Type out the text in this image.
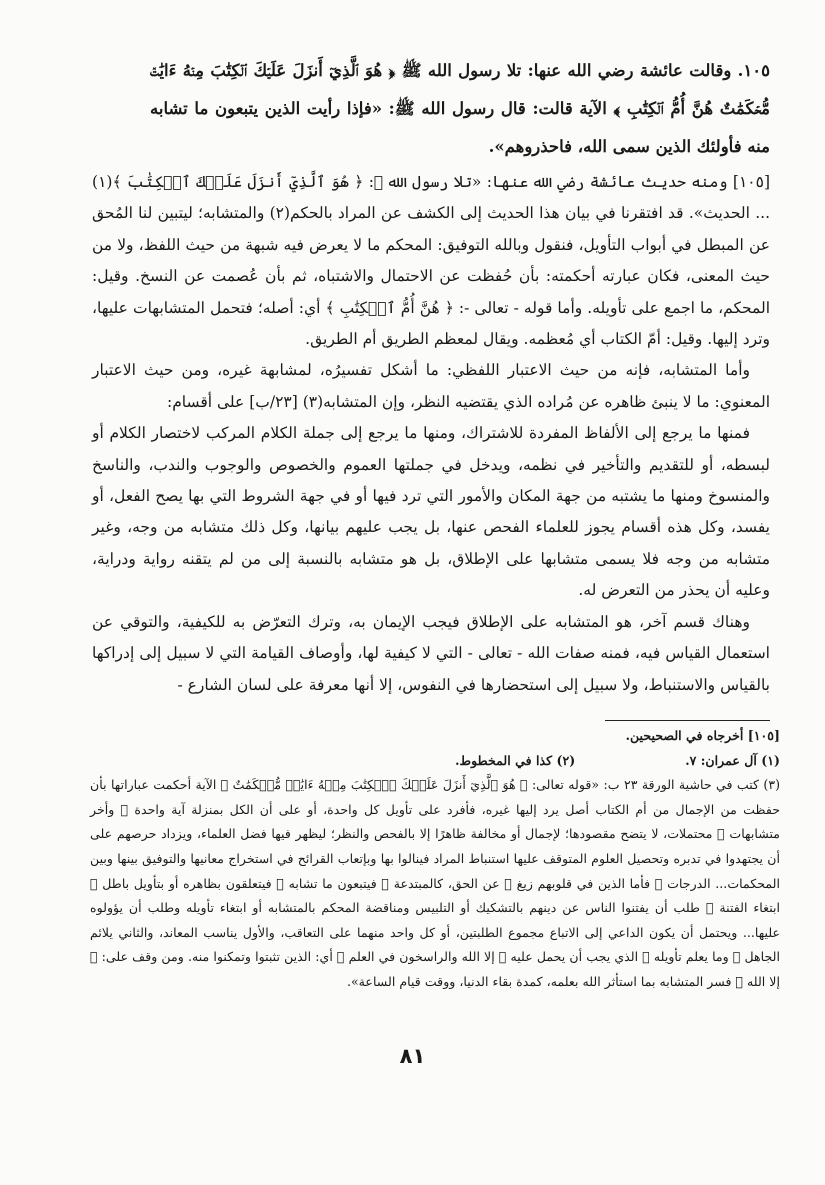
١٠٥. وقالت عائشة رضي الله عنها: تلا رسول الله ﷺ ﴿ هُوَ ٱلَّذِيٓ أَنزَلَ عَلَيۡكَ ٱلۡكِتَٰبَ مِنۡهُ ءَايَٰتٞ مُّحۡكَمَٰتٌ هُنَّ أُمُّ ٱلۡكِتَٰبِ ﴾ الآية قالت: قال رسول الله ﷺ: «فإذا رأيت الذين يتبعون ما تشابه منه فأولئك الذين سمى الله، فاحذروهم».

[١٠٥] ومنه حديث عائشة رضي الله عنها: «تلا رسول الله ﷺ: ﴿ هُوَ ٱلَّذِيٓ أَنزَلَ عَلَيۡكَ ٱلۡكِتَٰبَ ﴾(١) ... الحديث». قد افتقرنا في بيان هذا الحديث إلى الكشف عن المراد بالحكم(٢) والمتشابه؛ ليتبين لنا المُحق عن المبطل في أبواب التأويل، فنقول وبالله التوفيق: المحكم ما لا يعرض فيه شبهة من حيث اللفظ، ولا من حيث المعنى، فكان عبارته أحكمته: بأن حُفظت عن الاحتمال والاشتباه، ثم بأن عُصمت عن النسخ. وقيل: المحكم، ما اجمع على تأويله. وأما قوله - تعالى -: ﴿ هُنَّ أُمُّ ٱلۡكِتَٰبِ ﴾ أي: أصله؛ فتحمل المتشابهات عليها، وترد إليها. وقيل: أمّ الكتاب أي مُعظمه. ويقال لمعظم الطريق أم الطريق.

وأما المتشابه، فإنه من حيث الاعتبار اللفظي: ما أشكل تفسيرُه، لمشابهة غيره، ومن حيث الاعتبار المعنوي: ما لا ينبئ ظاهره عن مُراده الذي يقتضيه النظر، وإن المتشابه(٣) [٢٣/ب] على أقسام:

فمنها ما يرجع إلى الألفاظ المفردة للاشتراك، ومنها ما يرجع إلى جملة الكلام المركب لاختصار الكلام أو لبسطه، أو للتقديم والتأخير في نظمه، ويدخل في جملتها العموم والخصوص والوجوب والندب، والناسخ والمنسوخ ومنها ما يشتبه من جهة المكان والأمور التي ترد فيها أو في جهة الشروط التي بها يصح الفعل، أو يفسد، وكل هذه أقسام يجوز للعلماء الفحص عنها، بل يجب عليهم بيانها، وكل ذلك متشابه من وجه، وغير متشابه من وجه فلا يسمى متشابها على الإطلاق، بل هو متشابه بالنسبة إلى من لم يتقنه رواية ودراية، وعليه أن يحذر من التعرض له.

وهناك قسم آخر، هو المتشابه على الإطلاق فيجب الإيمان به، وترك التعرّض به للكيفية، والتوقي عن استعمال القياس فيه، فمنه صفات الله - تعالى - التي لا كيفية لها، وأوصاف القيامة التي لا سبيل إلى إدراكها بالقياس والاستنباط، ولا سبيل إلى استحضارها في النفوس، إلا أنها معرفة على لسان الشارع -

[١٠٥] أخرجاه في الصحيحين.

(١) آل عمران: ٧.
(٢) كذا في المخطوط.

(٣) كتب في حاشية الورقة ٢٣ ب: «قوله تعالى: ﴿ هُوَ ٱلَّذِيٓ أَنزَلَ عَلَيۡكَ ٱلۡكِتَٰبَ مِنۡهُ ءَايَٰتٞ مُّحۡكَمَٰتٌ ﴾ الآية أحكمت عباراتها بأن حفظت من الإجمال من أم الكتاب أصل يرد إليها غيره، فأفرد على تأويل كل واحدة، أو على أن الكل بمنزلة آية واحدة ﴿ وأخر متشابهات ﴾ محتملات، لا يتضح مقصودها؛ لإجمال أو مخالفة ظاهرًا إلا بالفحص والنظر؛ ليظهر فيها فضل العلماء، ويزداد حرصهم على أن يجتهدوا في تدبره وتحصيل العلوم المتوقف عليها استنباط المراد فينالوا بها وبإتعاب القرائح في استخراج معانيها والتوفيق بينها وبين المحكمات... الدرجات ﴿ فأما الذين في قلوبهم زيغ ﴾ عن الحق، كالمبتدعة ﴿ فيتبعون ما تشابه ﴾ فيتعلقون بظاهره أو بتأويل باطل ﴿ ابتغاء الفتنة ﴾ طلب أن يفتنوا الناس عن دينهم بالتشكيك أو التلبيس ومناقضة المحكم بالمتشابه أو ابتغاء تأويله وطلب أن يؤولوه عليها... ويحتمل أن يكون الداعي إلى الاتباع مجموع الطلبتين، أو كل واحد منهما على التعاقب، والأول يناسب المعاند، والثاني يلائم الجاهل ﴿ وما يعلم تأويله ﴾ الذي يجب أن يحمل عليه ﴿ إلا الله والراسخون في العلم ﴾ أي: الذين تثبتوا وتمكنوا منه. ومن وقف على: ﴿ إلا الله ﴾ فسر المتشابه بما استأثر الله بعلمه، كمدة بقاء الدنيا، ووقت قيام الساعة».

٨١
